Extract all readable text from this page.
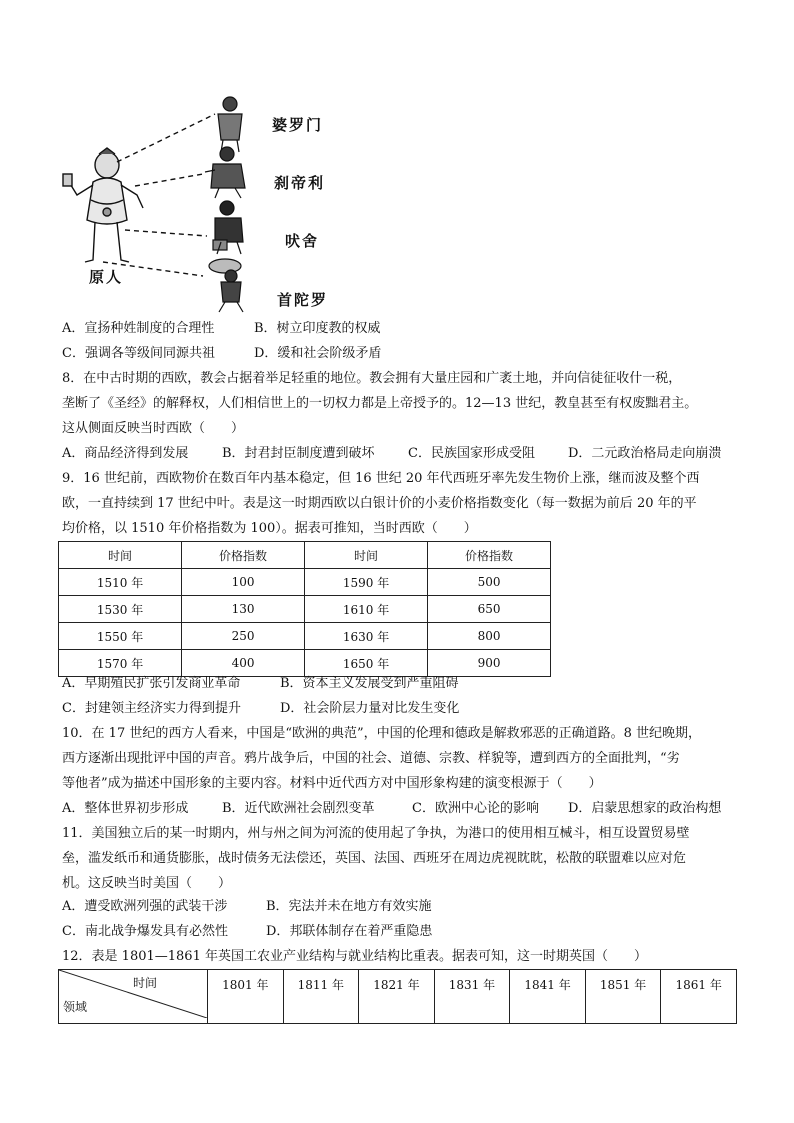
原人
婆罗门
刹帝利
吠舍
首陀罗
A．宣扬种姓制度的合理性	B．树立印度教的权威
C．强调各等级间同源共祖	D．缓和社会阶级矛盾
8．在中古时期的西欧，教会占据着举足轻重的地位。教会拥有大量庄园和广袤土地，并向信徒征收什一税，
垄断了《圣经》的解释权，人们相信世上的一切权力都是上帝授予的。12—13 世纪，教皇甚至有权废黜君主。
这从侧面反映当时西欧（　　）
A．商品经济得到发展	B．封君封臣制度遭到破坏	C．民族国家形成受阻	D．二元政治格局走向崩溃
9．16 世纪前，西欧物价在数百年内基本稳定，但 16 世纪 20 年代西班牙率先发生物价上涨，继而波及整个西
欧，一直持续到 17 世纪中叶。表是这一时期西欧以白银计价的小麦价格指数变化（每一数据为前后 20 年的平
均价格，以 1510 年价格指数为 100）。据表可推知，当时西欧（　　）
时间	价格指数	时间	价格指数
1510 年	100	1590 年	500
1530 年	130	1610 年	650
1550 年	250	1630 年	800
1570 年	400	1650 年	900
A．早期殖民扩张引发商业革命	B．资本主义发展受到严重阻碍
C．封建领主经济实力得到提升	D．社会阶层力量对比发生变化
10．在 17 世纪的西方人看来，中国是“欧洲的典范”，中国的伦理和德政是解救邪恶的正确道路。8 世纪晚期，
西方逐渐出现批评中国的声音。鸦片战争后，中国的社会、道德、宗教、样貌等，遭到西方的全面批判，“劣
等他者”成为描述中国形象的主要内容。材料中近代西方对中国形象构建的演变根源于（　　）
A．整体世界初步形成	B．近代欧洲社会剧烈变革	C．欧洲中心论的影响 D．启蒙思想家的政治构想
11．美国独立后的某一时期内，州与州之间为河流的使用起了争执，为港口的使用相互械斗，相互设置贸易壁
垒，滥发纸币和通货膨胀，战时债务无法偿还，英国、法国、西班牙在周边虎视眈眈，松散的联盟难以应对危
机。这反映当时美国（　　）
A．遭受欧洲列强的武装干涉	B．宪法并未在地方有效实施
C．南北战争爆发具有必然性	D．邦联体制存在着严重隐患
12．表是 1801—1861 年英国工农业产业结构与就业结构比重表。据表可知，这一时期英国（　　）
时间
领域
	1801 年	1811 年	1821 年	1831 年	1841 年	1851 年	1861 年
